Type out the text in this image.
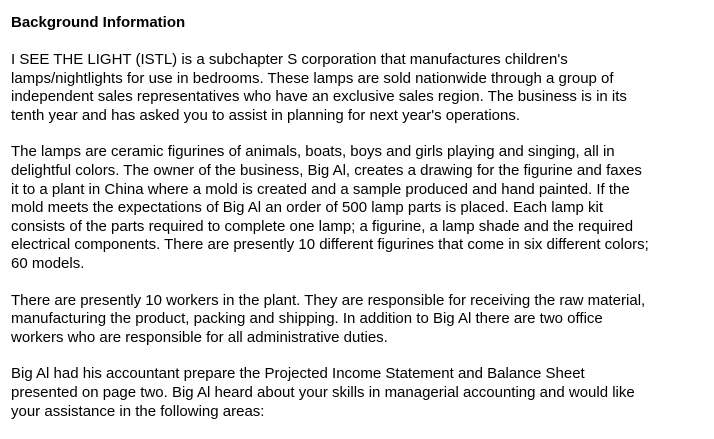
Background Information
I SEE THE LIGHT (ISTL) is a subchapter S corporation that manufactures children's
lamps/nightlights for use in bedrooms. These lamps are sold nationwide through a group of
independent sales representatives who have an exclusive sales region. The business is in its
tenth year and has asked you to assist in planning for next year's operations.
The lamps are ceramic figurines of animals, boats, boys and girls playing and singing, all in
delightful colors. The owner of the business, Big Al, creates a drawing for the figurine and faxes
it to a plant in China where a mold is created and a sample produced and hand painted. If the
mold meets the expectations of Big Al an order of 500 lamp parts is placed. Each lamp kit
consists of the parts required to complete one lamp; a figurine, a lamp shade and the required
electrical components. There are presently 10 different figurines that come in six different colors;
60 models.
There are presently 10 workers in the plant. They are responsible for receiving the raw material,
manufacturing the product, packing and shipping. In addition to Big Al there are two office
workers who are responsible for all administrative duties.
Big Al had his accountant prepare the Projected Income Statement and Balance Sheet
presented on page two. Big Al heard about your skills in managerial accounting and would like
your assistance in the following areas:
